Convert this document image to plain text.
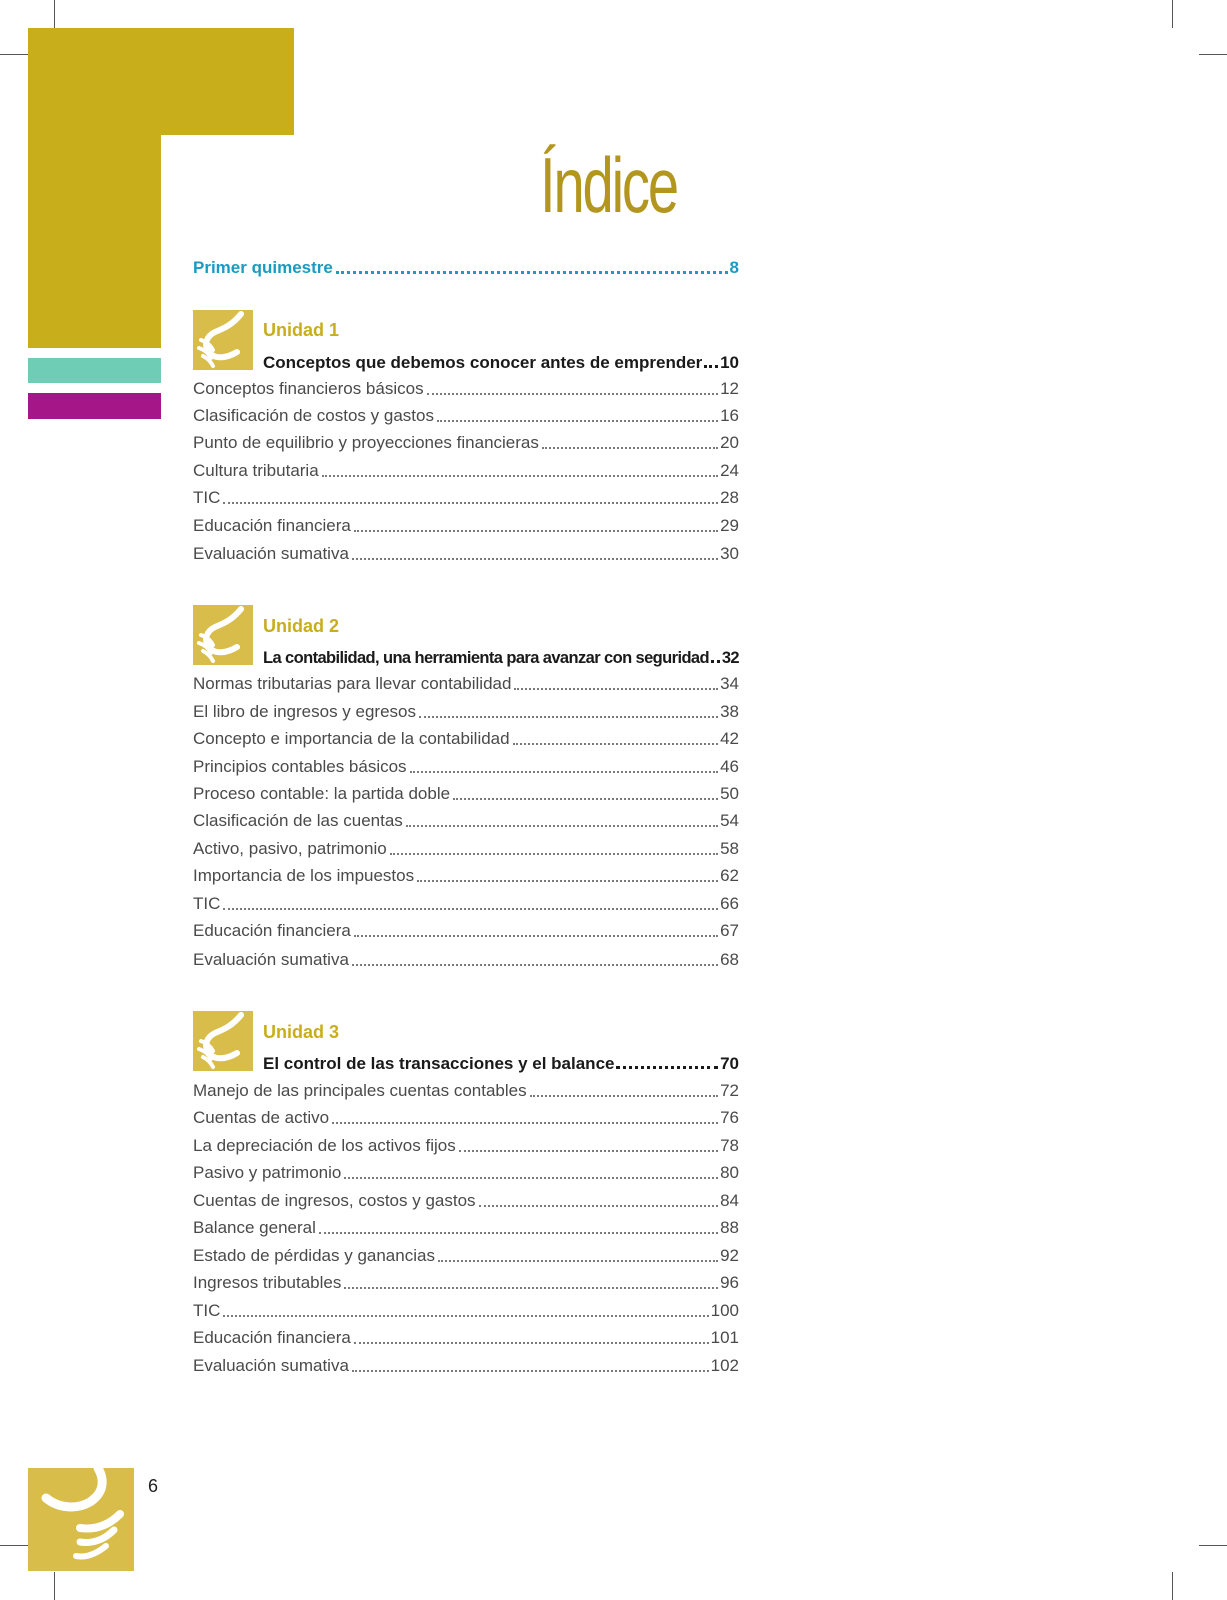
Índice
Primer quimestre	8
Unidad 1
Conceptos que debemos conocer antes de emprender 10
Conceptos financieros básicos	12
Clasificación de costos y gastos	16
Punto de equilibrio y proyecciones financieras	20
Cultura tributaria	24
TIC	28
Educación financiera	29
Evaluación sumativa	30
Unidad 2
La contabilidad, una herramienta para avanzar con seguridad 32
Normas tributarias para llevar contabilidad	34
El libro de ingresos y egresos	38
Concepto e importancia de la contabilidad	42
Principios contables básicos	46
Proceso contable: la partida doble	50
Clasificación de las cuentas	54
Activo, pasivo, patrimonio	58
Importancia de los impuestos	62
TIC	66
Educación financiera	67
Evaluación sumativa	68
Unidad 3
El control de las transacciones y el balance	70
Manejo de las principales cuentas contables	72
Cuentas de activo	76
La depreciación de los activos fijos	78
Pasivo y patrimonio	80
Cuentas de ingresos, costos y gastos	84
Balance general	88
Estado de pérdidas y ganancias	92
Ingresos tributables	96
TIC	100
Educación financiera	101
Evaluación sumativa	102
6
